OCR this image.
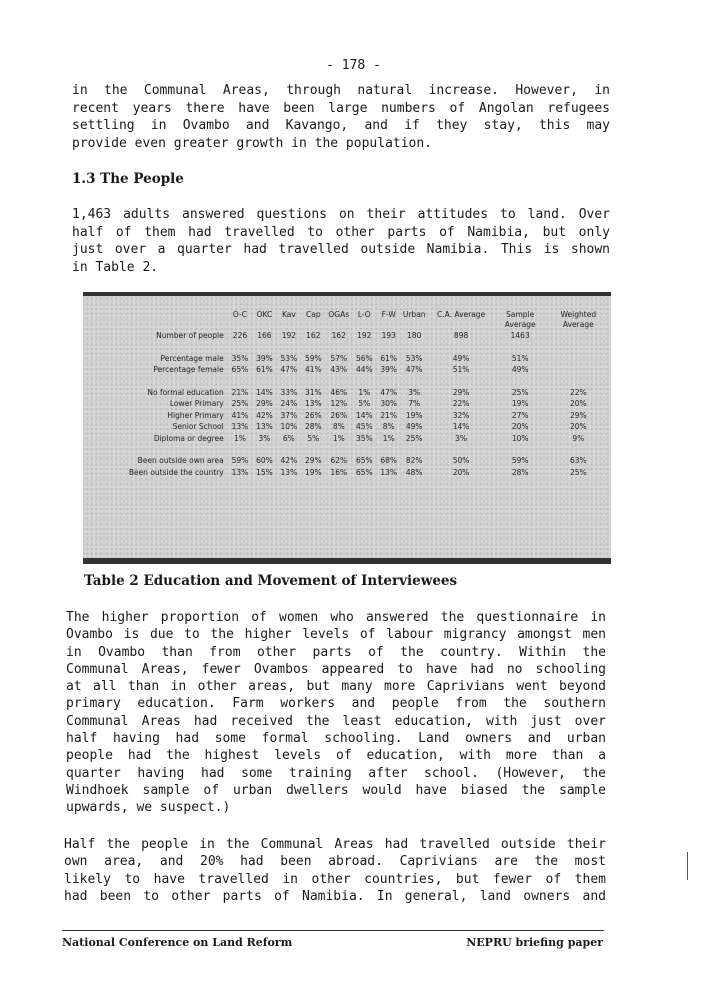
- 178 -
in the Communal Areas, through natural increase. However, in
recent years there have been large numbers of Angolan refugees
settling in Ovambo and Kavango, and if they stay, this may
provide even greater growth in the population.
1.3 The People
1,463 adults answered questions on their attitudes to land. Over
half of them had travelled to other parts of Namibia, but only
just over a quarter had travelled outside Namibia. This is shown
in Table 2.
	O-C	OKC	Kav	Cap	OGAs	L-O	F-W	Urban	C.A. Average	Sample Average	Weighted Average
Number of people	226	166	192	162	162	192	193	180	898	1463	

Percentage male	35%	39%	53%	59%	57%	56%	61%	53%	49%	51%	
Percentage female	65%	61%	47%	41%	43%	44%	39%	47%	51%	49%	

No formal education	21%	14%	33%	31%	46%	1%	47%	3%	29%	25%	22%
Lower Primary	25%	29%	24%	13%	12%	5%	30%	7%	22%	19%	20%
Higher Primary	41%	42%	37%	26%	26%	14%	21%	19%	32%	27%	29%
Senior School	13%	13%	10%	28%	8%	45%	8%	49%	14%	20%	20%
Diploma or degree	1%	3%	6%	5%	1%	35%	1%	25%	3%	10%	9%

Been outside own area	59%	60%	42%	29%	62%	65%	68%	82%	50%	59%	63%
Been outside the country	13%	15%	13%	19%	16%	65%	13%	48%	20%	28%	25%
Table 2 Education and Movement of Interviewees
The higher proportion of women who answered the questionnaire in
Ovambo is due to the higher levels of labour migrancy amongst men
in Ovambo than from other parts of the country. Within the
Communal Areas, fewer Ovambos appeared to have had no schooling
at all than in other areas, but many more Caprivians went beyond
primary education. Farm workers and people from the southern
Communal Areas had received the least education, with just over
half having had some formal schooling. Land owners and urban
people had the highest levels of education, with more than a
quarter having had some training after school. (However, the
Windhoek sample of urban dwellers would have biased the sample
upwards, we suspect.)
Half the people in the Communal Areas had travelled outside their
own area, and 20% had been abroad. Caprivians are the most
likely to have travelled in other countries, but fewer of them
had been to other parts of Namibia. In general, land owners and
National Conference on Land Reform	NEPRU briefing paper
